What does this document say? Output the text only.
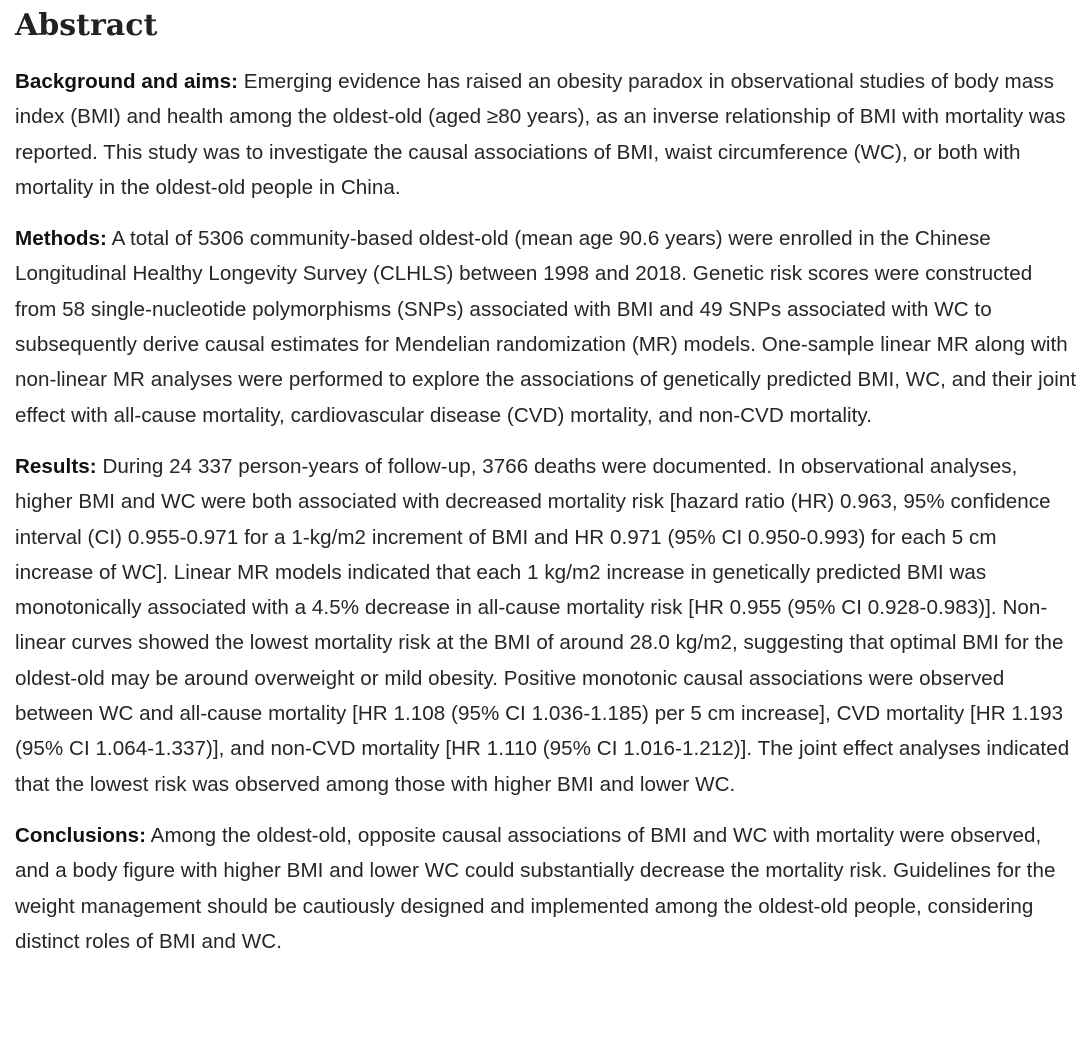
Abstract

Background and aims: Emerging evidence has raised an obesity paradox in observational studies of body mass index (BMI) and health among the oldest-old (aged ≥80 years), as an inverse relationship of BMI with mortality was reported. This study was to investigate the causal associations of BMI, waist circumference (WC), or both with mortality in the oldest-old people in China.

Methods: A total of 5306 community-based oldest-old (mean age 90.6 years) were enrolled in the Chinese Longitudinal Healthy Longevity Survey (CLHLS) between 1998 and 2018. Genetic risk scores were constructed from 58 single-nucleotide polymorphisms (SNPs) associated with BMI and 49 SNPs associated with WC to subsequently derive causal estimates for Mendelian randomization (MR) models. One-sample linear MR along with non-linear MR analyses were performed to explore the associations of genetically predicted BMI, WC, and their joint effect with all-cause mortality, cardiovascular disease (CVD) mortality, and non-CVD mortality.

Results: During 24 337 person-years of follow-up, 3766 deaths were documented. In observational analyses, higher BMI and WC were both associated with decreased mortality risk [hazard ratio (HR) 0.963, 95% confidence interval (CI) 0.955-0.971 for a 1-kg/m2 increment of BMI and HR 0.971 (95% CI 0.950-0.993) for each 5 cm increase of WC]. Linear MR models indicated that each 1 kg/m2 increase in genetically predicted BMI was monotonically associated with a 4.5% decrease in all-cause mortality risk [HR 0.955 (95% CI 0.928-0.983)]. Non-linear curves showed the lowest mortality risk at the BMI of around 28.0 kg/m2, suggesting that optimal BMI for the oldest-old may be around overweight or mild obesity. Positive monotonic causal associations were observed between WC and all-cause mortality [HR 1.108 (95% CI 1.036-1.185) per 5 cm increase], CVD mortality [HR 1.193 (95% CI 1.064-1.337)], and non-CVD mortality [HR 1.110 (95% CI 1.016-1.212)]. The joint effect analyses indicated that the lowest risk was observed among those with higher BMI and lower WC.

Conclusions: Among the oldest-old, opposite causal associations of BMI and WC with mortality were observed, and a body figure with higher BMI and lower WC could substantially decrease the mortality risk. Guidelines for the weight management should be cautiously designed and implemented among the oldest-old people, considering distinct roles of BMI and WC.
